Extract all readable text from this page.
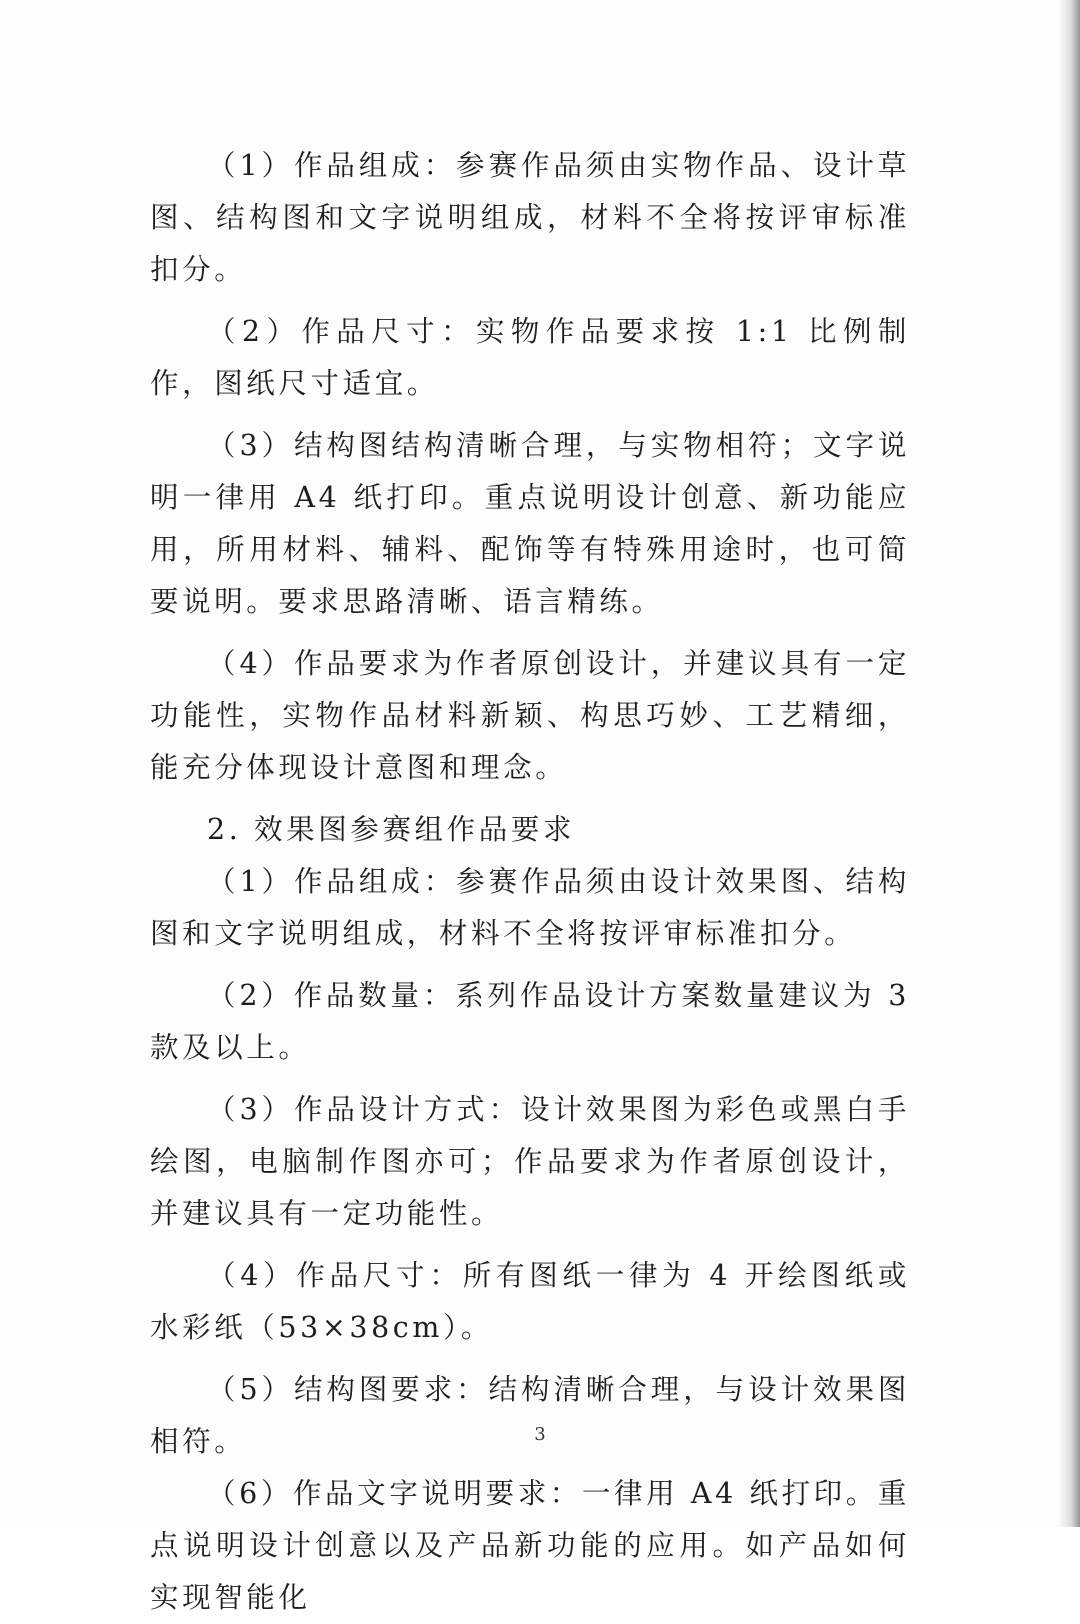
（1）作品组成：参赛作品须由实物作品、设计草图、结构图和文字说明组成，材料不全将按评审标准扣分。

（2）作品尺寸：实物作品要求按 1:1 比例制作，图纸尺寸适宜。

（3）结构图结构清晰合理，与实物相符；文字说明一律用 A4 纸打印。重点说明设计创意、新功能应用，所用材料、辅料、配饰等有特殊用途时，也可简要说明。要求思路清晰、语言精练。

（4）作品要求为作者原创设计，并建议具有一定功能性，实物作品材料新颖、构思巧妙、工艺精细，能充分体现设计意图和理念。

2. 效果图参赛组作品要求

（1）作品组成：参赛作品须由设计效果图、结构图和文字说明组成，材料不全将按评审标准扣分。

（2）作品数量：系列作品设计方案数量建议为 3 款及以上。

（3）作品设计方式：设计效果图为彩色或黑白手绘图，电脑制作图亦可；作品要求为作者原创设计，并建议具有一定功能性。

（4）作品尺寸：所有图纸一律为 4 开绘图纸或水彩纸（53×38cm）。

（5）结构图要求：结构清晰合理，与设计效果图相符。

（6）作品文字说明要求：一律用 A4 纸打印。重点说明设计创意以及产品新功能的应用。如产品如何实现智能化

3
